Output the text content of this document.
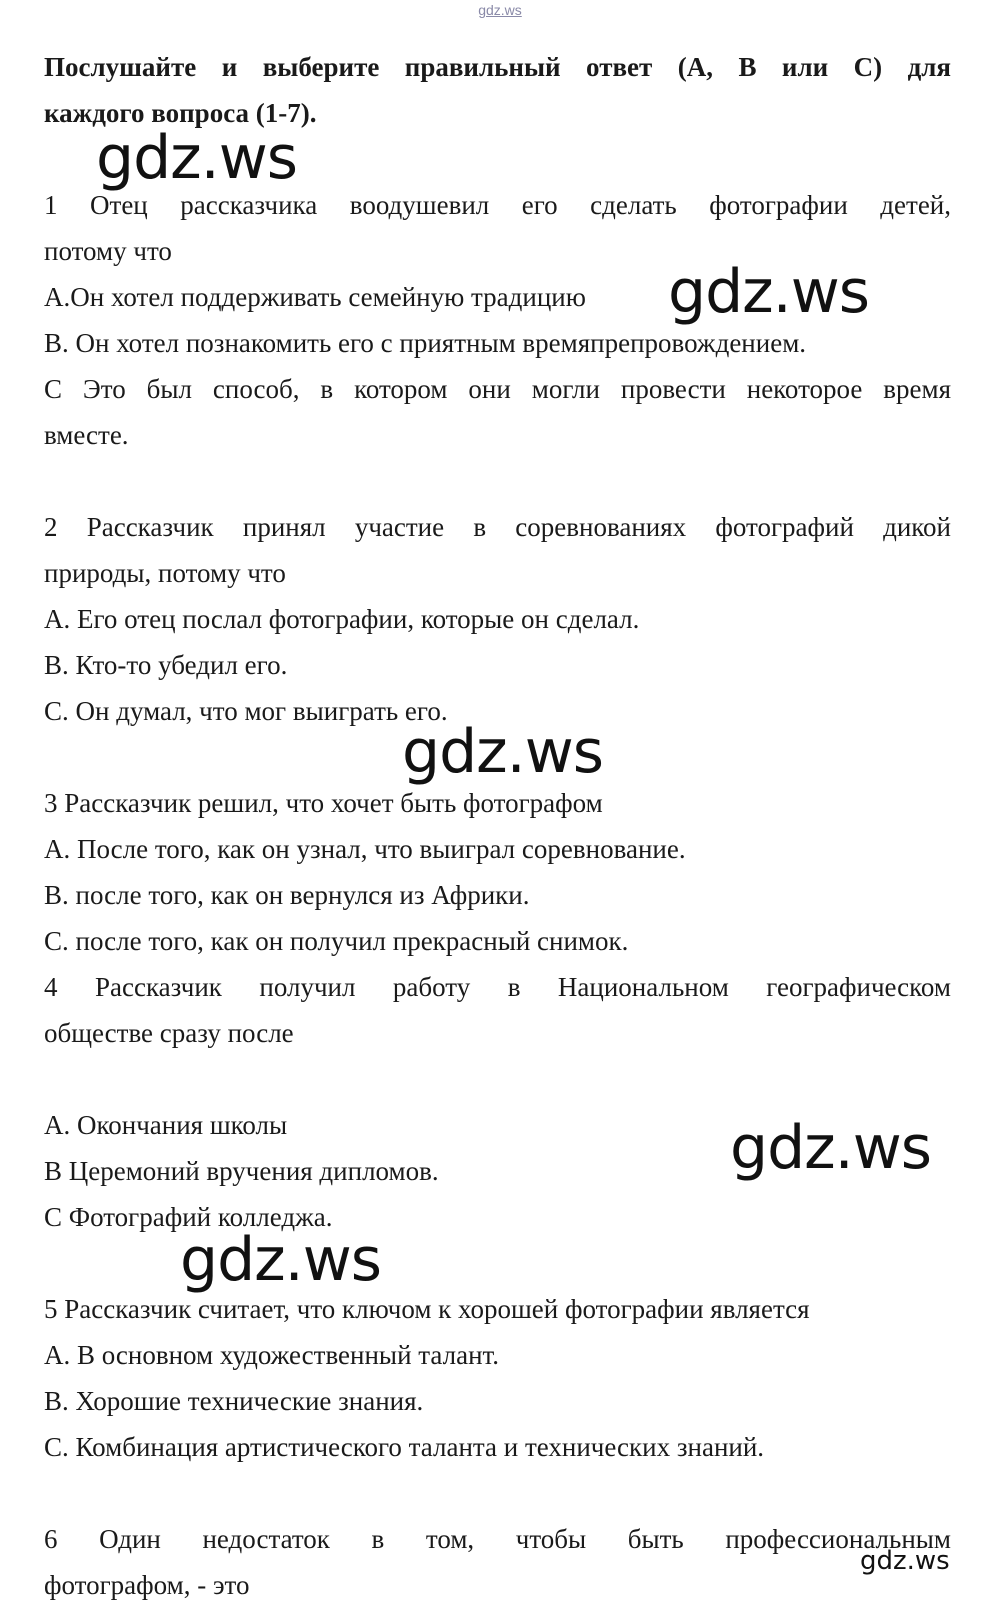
gdz.ws
Послушайте и выберите правильный ответ (А, В или С) для
каждого вопроса (1-7).
1 Отец рассказчика воодушевил его сделать фотографии детей,
потому что
А.Он хотел поддерживать семейную традицию
В. Он хотел познакомить его с приятным времяпрепровождением.
С Это был способ, в котором они могли провести некоторое время
вместе.
2 Рассказчик принял участие в соревнованиях фотографий дикой
природы, потому что
А. Его отец послал фотографии, которые он сделал.
В. Кто-то убедил его.
С. Он думал, что мог выиграть его.
3 Рассказчик решил, что хочет быть фотографом
А. После того, как он узнал, что выиграл соревнование.
В. после того, как он вернулся из Африки.
С. после того, как он получил прекрасный снимок.
4 Рассказчик получил работу в Национальном географическом
обществе сразу после
А. Окончания школы
В Церемоний вручения дипломов.
С Фотографий колледжа.
5 Рассказчик считает, что ключом к хорошей фотографии является
А. В основном художественный талант.
В. Хорошие технические знания.
С. Комбинация артистического таланта и технических знаний.
6 Один недостаток в том, чтобы быть профессиональным
фотографом, - это
gdz.ws
gdz.ws
gdz.ws
gdz.ws
gdz.ws
gdz.ws
